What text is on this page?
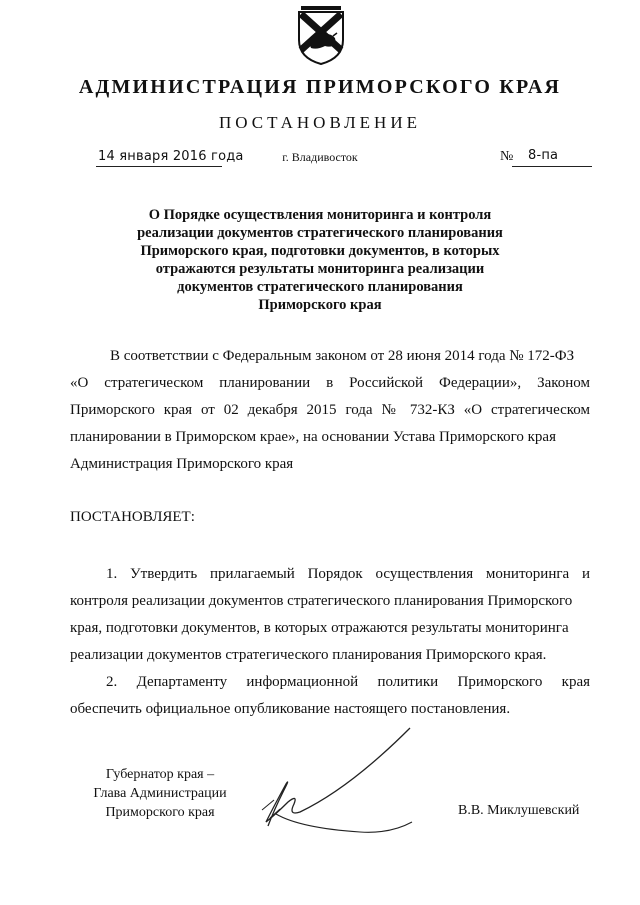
АДМИНИСТРАЦИЯ ПРИМОРСКОГО КРАЯ
ПОСТАНОВЛЕНИЕ
14 января 2016 года	г. Владивосток	№ 8-па
О Порядке осуществления мониторинга и контроля
реализации документов стратегического планирования
Приморского края, подготовки документов, в которых
отражаются результаты мониторинга реализации
документов стратегического планирования
Приморского края
В соответствии с Федеральным законом от 28 июня 2014 года № 172-ФЗ
«О стратегическом планировании в Российской Федерации», Законом
Приморского края от 02 декабря 2015 года № 732-КЗ «О стратегическом
планировании в Приморском крае», на основании Устава Приморского края
Администрация Приморского края
ПОСТАНОВЛЯЕТ:
1. Утвердить прилагаемый Порядок осуществления мониторинга и
контроля реализации документов стратегического планирования Приморского
края, подготовки документов, в которых отражаются результаты мониторинга
реализации документов стратегического планирования Приморского края.
2. Департаменту информационной политики Приморского края
обеспечить официальное опубликование настоящего постановления.
Губернатор края –
Глава Администрации
Приморского края	В.В. Миклушевский
